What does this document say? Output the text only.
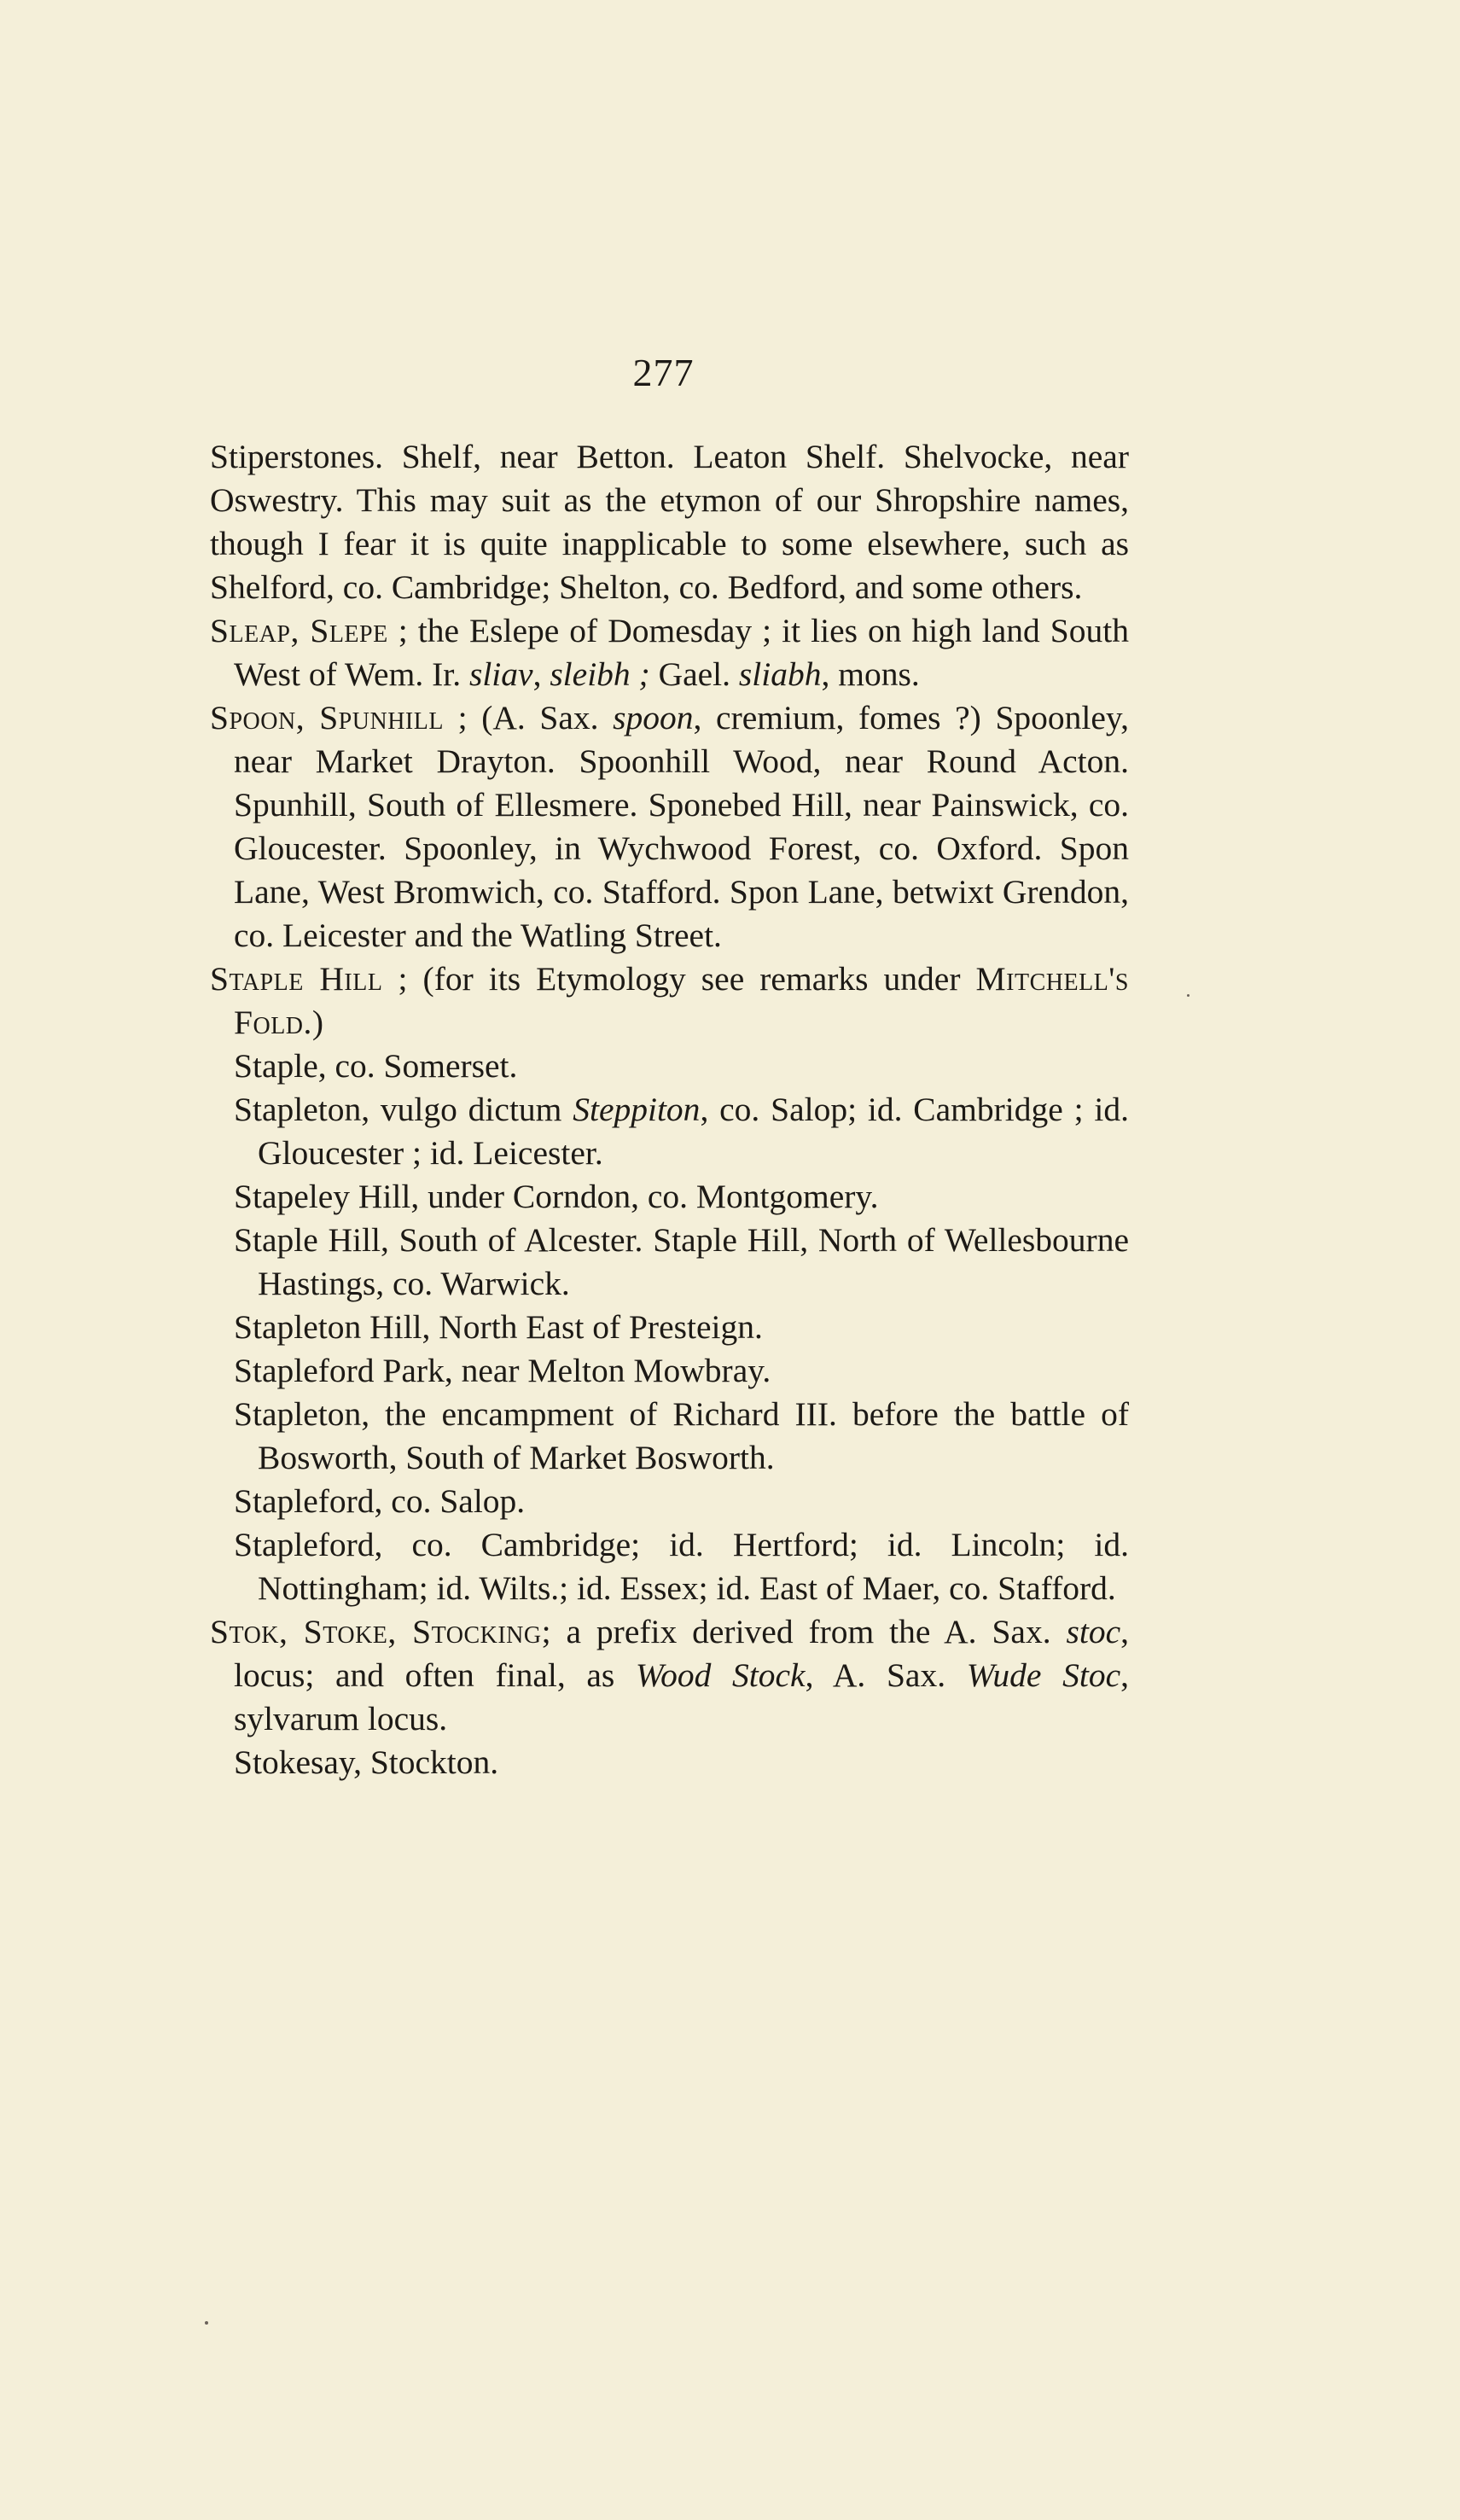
277

Stiperstones. Shelf, near Betton. Leaton Shelf. Shelvocke, near Oswestry. This may suit as the etymon of our Shropshire names, though I fear it is quite inapplicable to some elsewhere, such as Shelford, co. Cambridge; Shelton, co. Bedford, and some others.

Sleap, Slepe ; the Eslepe of Domesday ; it lies on high land South West of Wem. Ir. sliav, sleibh ; Gael. sliabh, mons.

Spoon, Spunhill ; (A. Sax. spoon, cremium, fomes ?) Spoonley, near Market Drayton. Spoonhill Wood, near Round Acton. Spunhill, South of Ellesmere. Sponebed Hill, near Painswick, co. Gloucester. Spoonley, in Wychwood Forest, co. Oxford. Spon Lane, West Bromwich, co. Stafford. Spon Lane, betwixt Grendon, co. Leicester and the Watling Street.

Staple Hill ; (for its Etymology see remarks under Mitchell's Fold.)

Staple, co. Somerset.

Stapleton, vulgo dictum Steppiton, co. Salop; id. Cambridge ; id. Gloucester ; id. Leicester.

Stapeley Hill, under Corndon, co. Montgomery.

Staple Hill, South of Alcester. Staple Hill, North of Wellesbourne Hastings, co. Warwick.

Stapleton Hill, North East of Presteign.

Stapleford Park, near Melton Mowbray.

Stapleton, the encampment of Richard III. before the battle of Bosworth, South of Market Bosworth.

Stapleford, co. Salop.

Stapleford, co. Cambridge; id. Hertford; id. Lincoln; id. Nottingham; id. Wilts.; id. Essex; id. East of Maer, co. Stafford.

Stok, Stoke, Stocking; a prefix derived from the A. Sax. stoc, locus; and often final, as Wood Stock, A. Sax. Wude Stoc, sylvarum locus.

Stokesay, Stockton.
